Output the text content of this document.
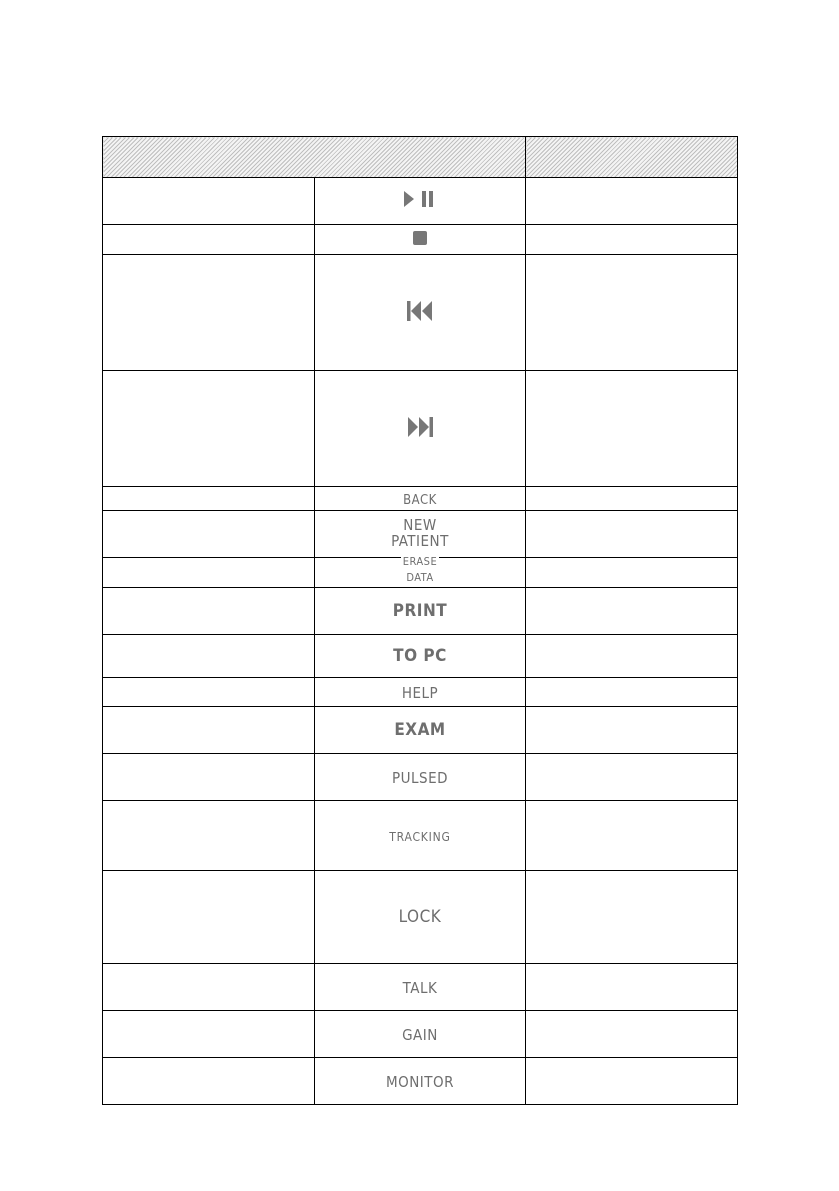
	BACK	
	NEW
PATIENT	
	ERASE
DATA	
	PRINT	
	TO PC	
	HELP	
	EXAM	
	PULSED	
	TRACKING	
	LOCK	
	TALK	
	GAIN	
	MONITOR	
